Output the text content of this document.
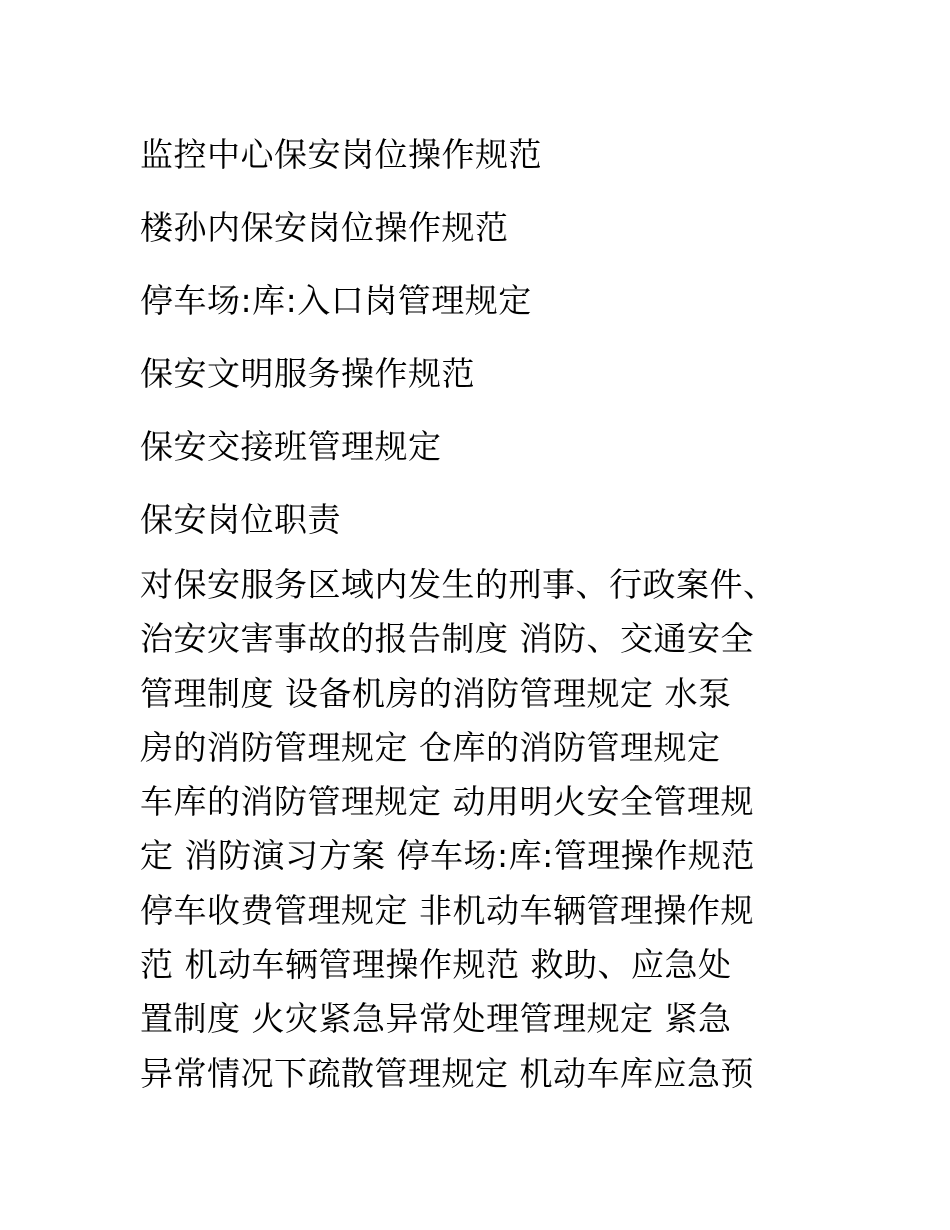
监控中心保安岗位操作规范
楼孙内保安岗位操作规范
停车场:库:入口岗管理规定
保安文明服务操作规范
保安交接班管理规定
保安岗位职责
对保安服务区域内发生的刑事、行政案件、
治安灾害事故的报告制度 消防、交通安全
管理制度 设备机房的消防管理规定 水泵
房的消防管理规定 仓库的消防管理规定
车库的消防管理规定 动用明火安全管理规
定 消防演习方案 停车场:库:管理操作规范
停车收费管理规定 非机动车辆管理操作规
范 机动车辆管理操作规范 救助、应急处
置制度 火灾紧急异常处理管理规定 紧急
异常情况下疏散管理规定 机动车库应急预
